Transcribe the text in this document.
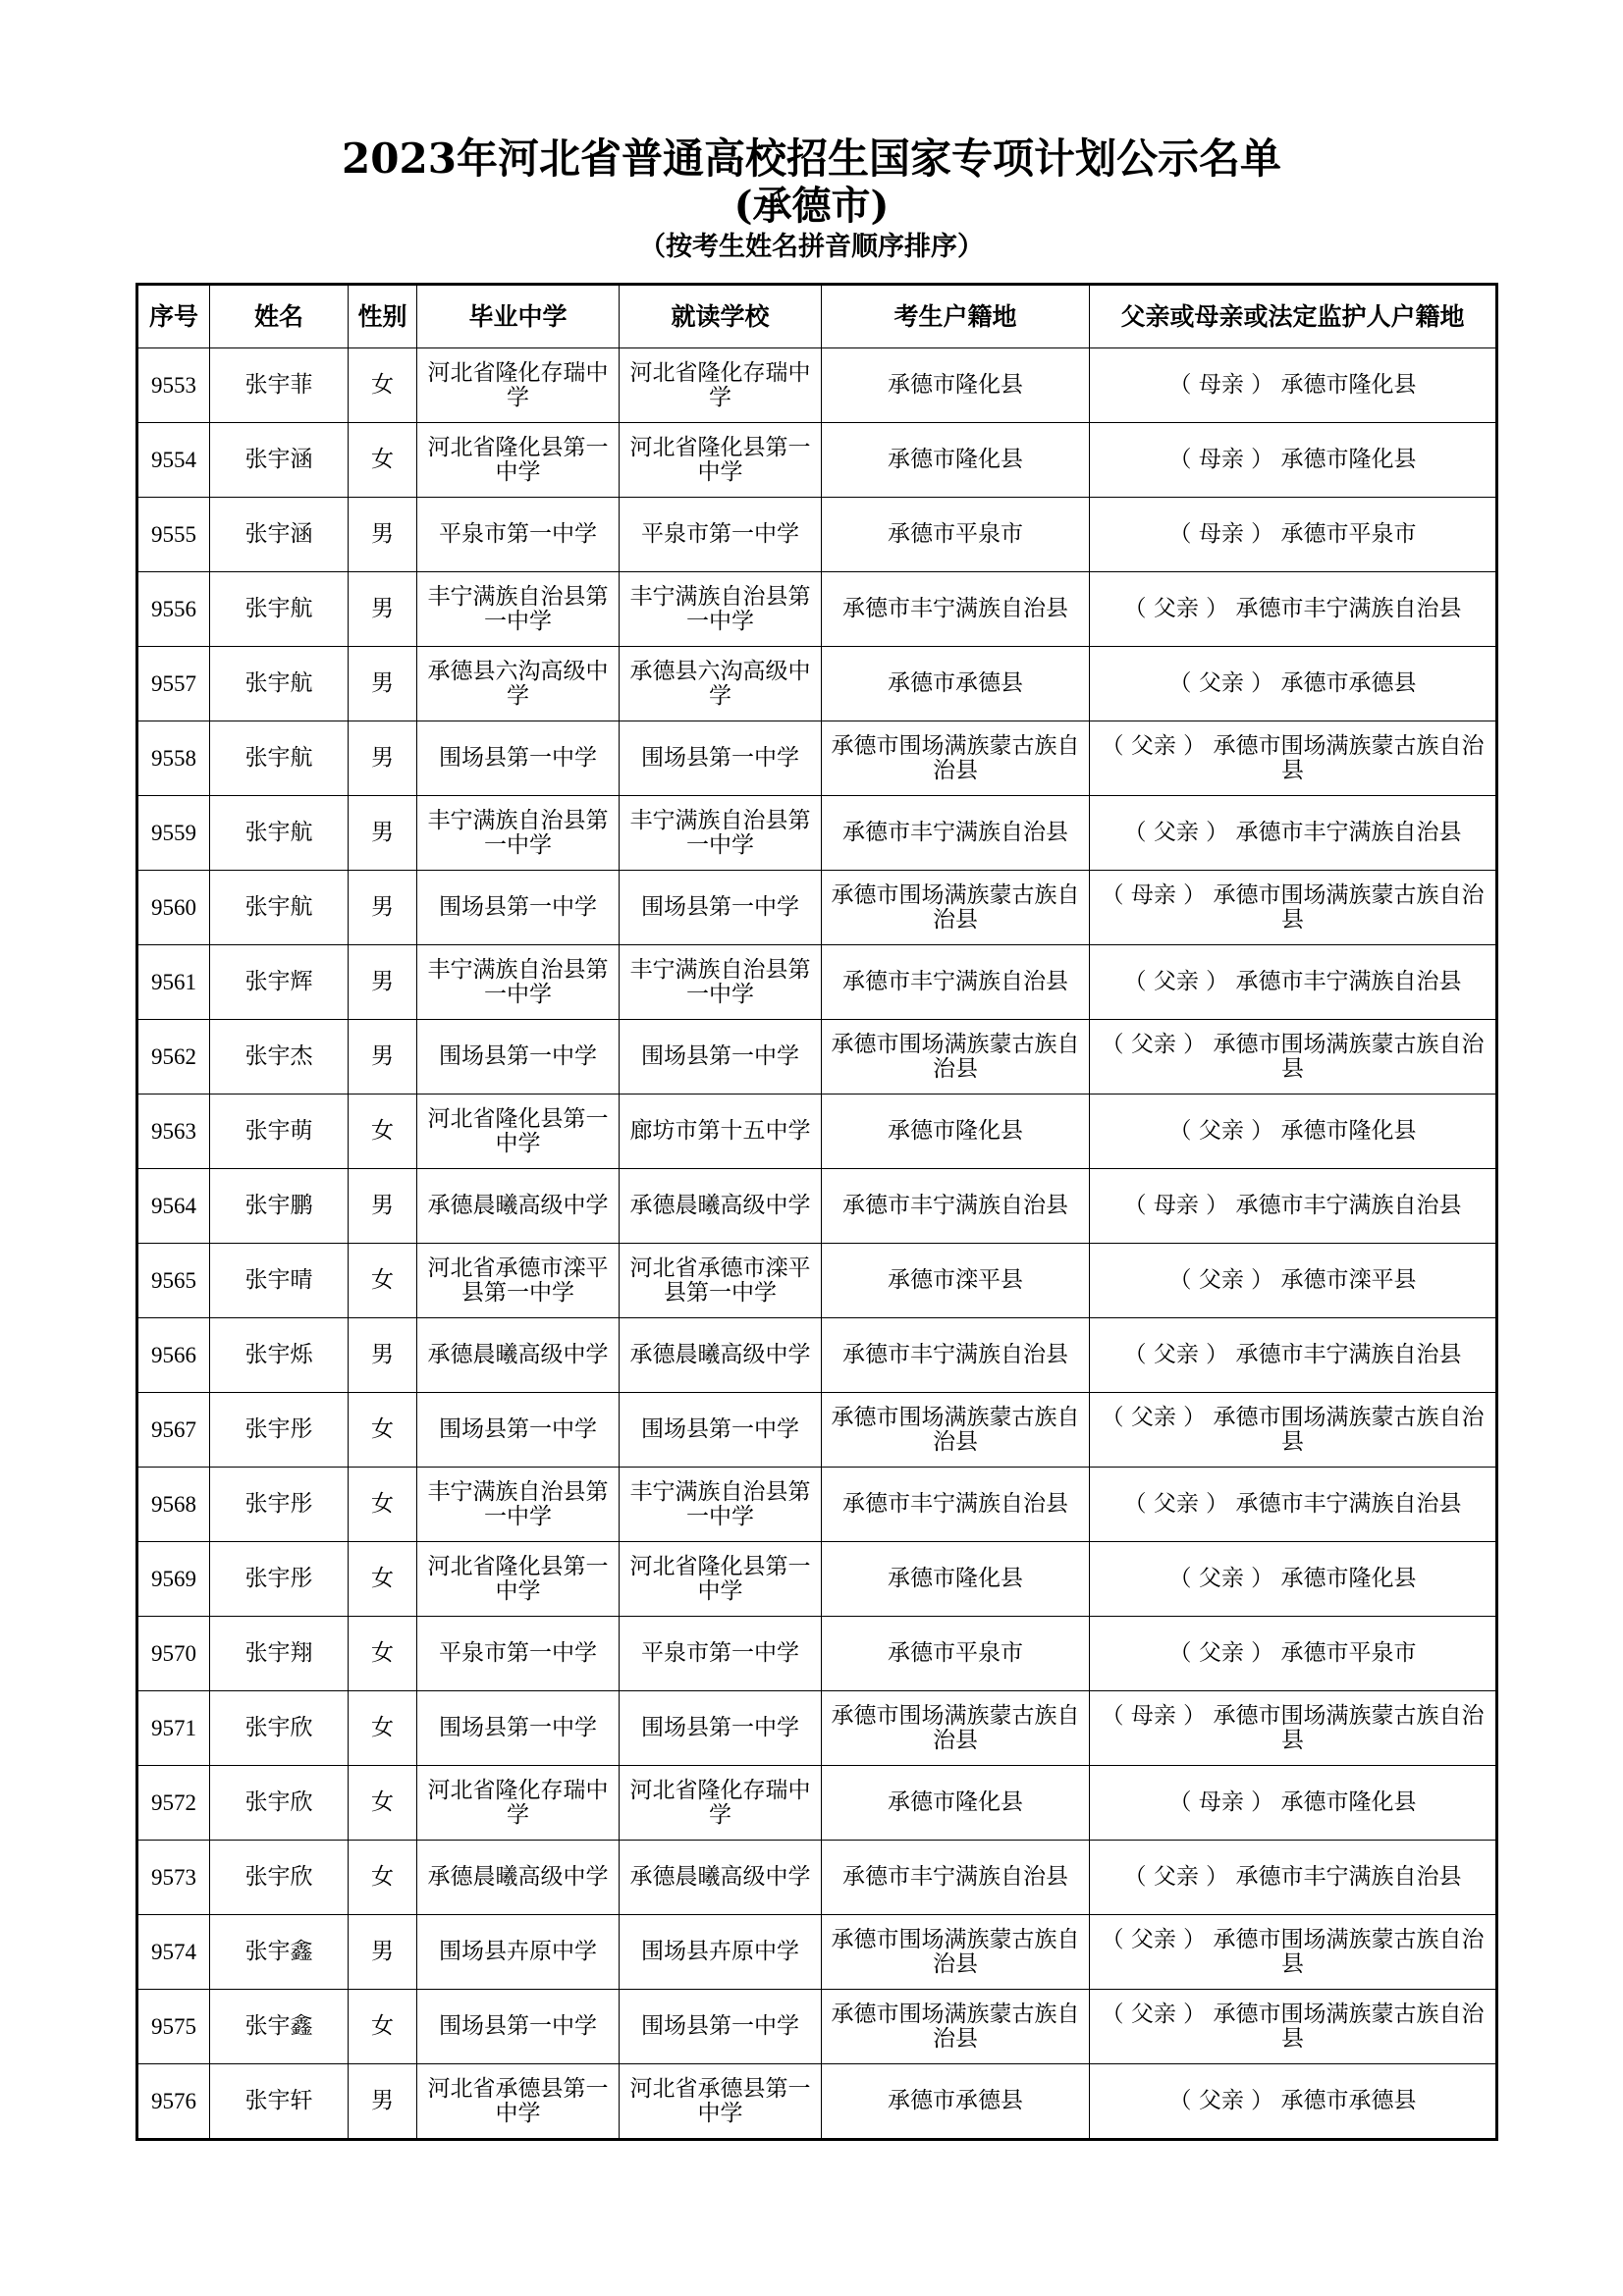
2023年河北省普通高校招生国家专项计划公示名单
(承德市)
（按考生姓名拼音顺序排序）
序号	姓名	性别	毕业中学	就读学校	考生户籍地	父亲或母亲或法定监护人户籍地
9553	张宇菲	女	河北省隆化存瑞中学	河北省隆化存瑞中学	承德市隆化县	（ 母亲 ） 承德市隆化县
9554	张宇涵	女	河北省隆化县第一中学	河北省隆化县第一中学	承德市隆化县	（ 母亲 ） 承德市隆化县
9555	张宇涵	男	平泉市第一中学	平泉市第一中学	承德市平泉市	（ 母亲 ） 承德市平泉市
9556	张宇航	男	丰宁满族自治县第一中学	丰宁满族自治县第一中学	承德市丰宁满族自治县	（ 父亲 ） 承德市丰宁满族自治县
9557	张宇航	男	承德县六沟高级中学	承德县六沟高级中学	承德市承德县	（ 父亲 ） 承德市承德县
9558	张宇航	男	围场县第一中学	围场县第一中学	承德市围场满族蒙古族自治县	（ 父亲 ） 承德市围场满族蒙古族自治县
9559	张宇航	男	丰宁满族自治县第一中学	丰宁满族自治县第一中学	承德市丰宁满族自治县	（ 父亲 ） 承德市丰宁满族自治县
9560	张宇航	男	围场县第一中学	围场县第一中学	承德市围场满族蒙古族自治县	（ 母亲 ） 承德市围场满族蒙古族自治县
9561	张宇辉	男	丰宁满族自治县第一中学	丰宁满族自治县第一中学	承德市丰宁满族自治县	（ 父亲 ） 承德市丰宁满族自治县
9562	张宇杰	男	围场县第一中学	围场县第一中学	承德市围场满族蒙古族自治县	（ 父亲 ） 承德市围场满族蒙古族自治县
9563	张宇萌	女	河北省隆化县第一中学	廊坊市第十五中学	承德市隆化县	（ 父亲 ） 承德市隆化县
9564	张宇鹏	男	承德晨曦高级中学	承德晨曦高级中学	承德市丰宁满族自治县	（ 母亲 ） 承德市丰宁满族自治县
9565	张宇晴	女	河北省承德市滦平县第一中学	河北省承德市滦平县第一中学	承德市滦平县	（ 父亲 ） 承德市滦平县
9566	张宇烁	男	承德晨曦高级中学	承德晨曦高级中学	承德市丰宁满族自治县	（ 父亲 ） 承德市丰宁满族自治县
9567	张宇彤	女	围场县第一中学	围场县第一中学	承德市围场满族蒙古族自治县	（ 父亲 ） 承德市围场满族蒙古族自治县
9568	张宇彤	女	丰宁满族自治县第一中学	丰宁满族自治县第一中学	承德市丰宁满族自治县	（ 父亲 ） 承德市丰宁满族自治县
9569	张宇彤	女	河北省隆化县第一中学	河北省隆化县第一中学	承德市隆化县	（ 父亲 ） 承德市隆化县
9570	张宇翔	女	平泉市第一中学	平泉市第一中学	承德市平泉市	（ 父亲 ） 承德市平泉市
9571	张宇欣	女	围场县第一中学	围场县第一中学	承德市围场满族蒙古族自治县	（ 母亲 ） 承德市围场满族蒙古族自治县
9572	张宇欣	女	河北省隆化存瑞中学	河北省隆化存瑞中学	承德市隆化县	（ 母亲 ） 承德市隆化县
9573	张宇欣	女	承德晨曦高级中学	承德晨曦高级中学	承德市丰宁满族自治县	（ 父亲 ） 承德市丰宁满族自治县
9574	张宇鑫	男	围场县卉原中学	围场县卉原中学	承德市围场满族蒙古族自治县	（ 父亲 ） 承德市围场满族蒙古族自治县
9575	张宇鑫	女	围场县第一中学	围场县第一中学	承德市围场满族蒙古族自治县	（ 父亲 ） 承德市围场满族蒙古族自治县
9576	张宇轩	男	河北省承德县第一中学	河北省承德县第一中学	承德市承德县	（ 父亲 ） 承德市承德县
